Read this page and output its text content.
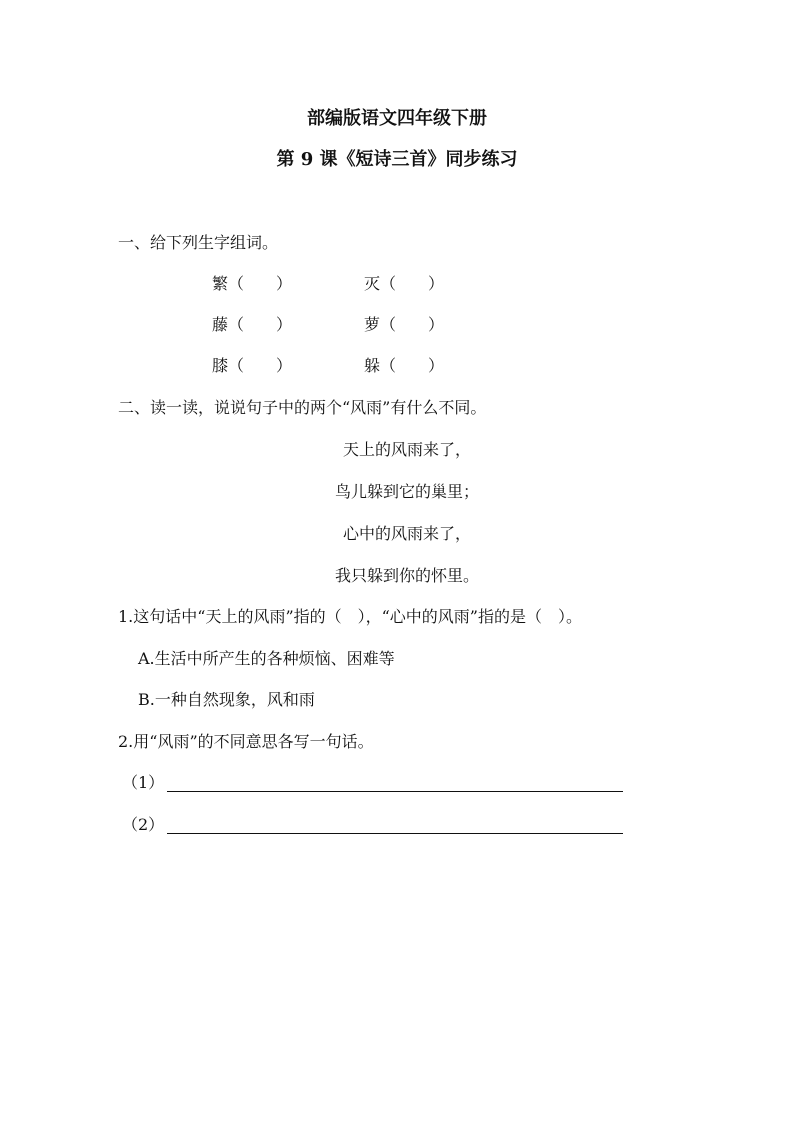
部编版语文四年级下册
第 9 课《短诗三首》同步练习
一、给下列生字组词。
繁（　　）	灭（　　）
藤（　　）	萝（　　）
膝（　　）	躲（　　）
二、读一读，说说句子中的两个“风雨”有什么不同。
天上的风雨来了，
鸟儿躲到它的巢里；
心中的风雨来了，
我只躲到你的怀里。
1.这句话中“天上的风雨”指的（　），“心中的风雨”指的是（　）。
A.生活中所产生的各种烦恼、困难等
B.一种自然现象，风和雨
2.用“风雨”的不同意思各写一句话。
（1）
（2）
